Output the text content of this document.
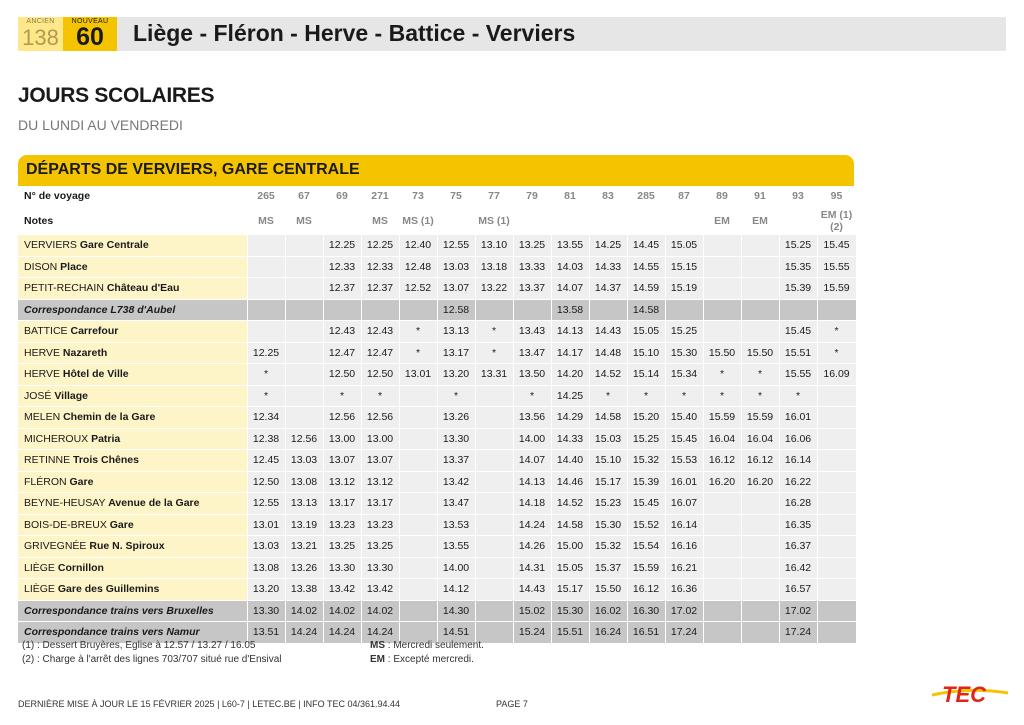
ANCIEN
138
NOUVEAU
60	Liège - Fléron - Herve - Battice - Verviers
JOURS SCOLAIRES
DU LUNDI AU VENDREDI
DÉPARTS DE VERVIERS, GARE CENTRALE
N° de voyage	265	67	69	271	73	75	77	79	81	83	285	87	89	91	93	95
Notes	MS	MS		MS	MS (1)		MS (1)						EM	EM		EM (1) (2)
VERVIERS Gare Centrale			12.25	12.25	12.40	12.55	13.10	13.25	13.55	14.25	14.45	15.05			15.25	15.45
DISON Place			12.33	12.33	12.48	13.03	13.18	13.33	14.03	14.33	14.55	15.15			15.35	15.55
PETIT-RECHAIN Château d'Eau			12.37	12.37	12.52	13.07	13.22	13.37	14.07	14.37	14.59	15.19			15.39	15.59
Correspondance L738 d'Aubel						12.58			13.58		14.58					
BATTICE Carrefour			12.43	12.43	*	13.13	*	13.43	14.13	14.43	15.05	15.25			15.45	*
HERVE Nazareth	12.25		12.47	12.47	*	13.17	*	13.47	14.17	14.48	15.10	15.30	15.50	15.50	15.51	*
HERVE Hôtel de Ville	*		12.50	12.50	13.01	13.20	13.31	13.50	14.20	14.52	15.14	15.34	*	*	15.55	16.09
JOSÉ Village	*		*	*		*		*	14.25	*	*	*	*	*	*	
MELEN Chemin de la Gare	12.34		12.56	12.56		13.26		13.56	14.29	14.58	15.20	15.40	15.59	15.59	16.01	
MICHEROUX Patria	12.38	12.56	13.00	13.00		13.30		14.00	14.33	15.03	15.25	15.45	16.04	16.04	16.06	
RETINNE Trois Chênes	12.45	13.03	13.07	13.07		13.37		14.07	14.40	15.10	15.32	15.53	16.12	16.12	16.14	
FLÉRON Gare	12.50	13.08	13.12	13.12		13.42		14.13	14.46	15.17	15.39	16.01	16.20	16.20	16.22	
BEYNE-HEUSAY Avenue de la Gare	12.55	13.13	13.17	13.17		13.47		14.18	14.52	15.23	15.45	16.07			16.28	
BOIS-DE-BREUX Gare	13.01	13.19	13.23	13.23		13.53		14.24	14.58	15.30	15.52	16.14			16.35	
GRIVEGNÉE Rue N. Spiroux	13.03	13.21	13.25	13.25		13.55		14.26	15.00	15.32	15.54	16.16			16.37	
LIÈGE Cornillon	13.08	13.26	13.30	13.30		14.00		14.31	15.05	15.37	15.59	16.21			16.42	
LIÈGE Gare des Guillemins	13.20	13.38	13.42	13.42		14.12		14.43	15.17	15.50	16.12	16.36			16.57	
Correspondance trains vers Bruxelles	13.30	14.02	14.02	14.02		14.30		15.02	15.30	16.02	16.30	17.02			17.02	
Correspondance trains vers Namur	13.51	14.24	14.24	14.24		14.51		15.24	15.51	16.24	16.51	17.24			17.24	
(1) : Dessert Bruyères, Eglise à 12.57 / 13.27 / 16.05
(2) : Charge à l'arrêt des lignes 703/707 situé rue d'Ensival
MS : Mercredi seulement.
EM : Excepté mercredi.
DERNIÈRE MISE À JOUR LE 15 FÉVRIER 2025 | L60-7 | LETEC.BE | INFO TEC 04/361.94.44	PAGE 7	TEC
